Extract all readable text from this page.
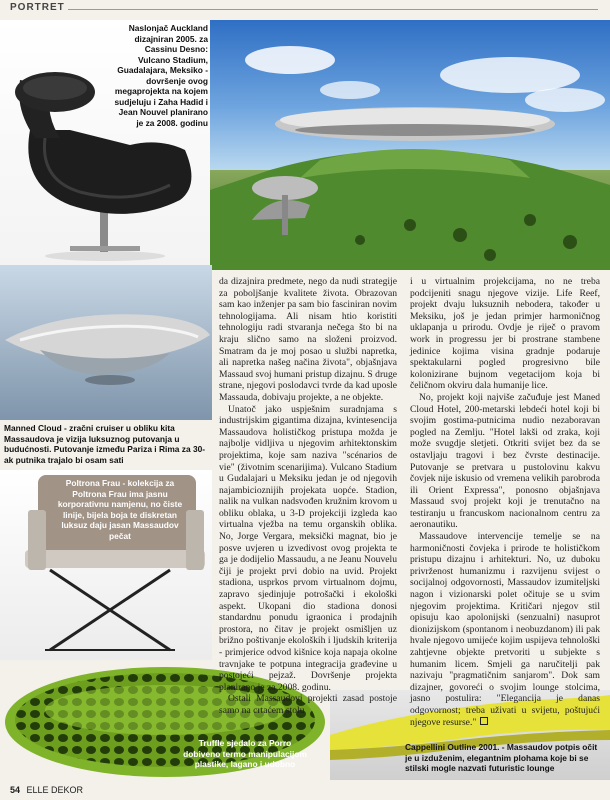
PORTRET
Naslonjač Auckland dizajniran 2005. za Cassinu Desno: Vulcano Stadium, Guadalajara, Meksiko - dovršenje ovog megaprojekta na kojem sudjeluju i Zaha Hadid i Jean Nouvel planirano je za 2008. godinu
Manned Cloud - zračni cruiser u obliku kita Massaudova je vizija luksuznog putovanja u budućnosti. Putovanje između Pariza i Rima za 30-ak putnika trajalo bi osam sati
Poltrona Frau - kolekcija za Poltrona Frau ima jasnu korporativnu namjenu, no čiste linije, bijela boja te diskretan luksuz daju jasan Massaudov pečat
Truffle sjedalo za Porro dobiveno termo manipulacijom plastike, lagano i udobno
Cappellini Outline 2001. - Massaudov potpis očit je u izduženim, elegantnim plohama koje bi se stilski mogle nazvati futuristic lounge

da dizajnira predmete, nego da nudi strategije za poboljšanje kvalitete života. Obrazovan sam kao inženjer pa sam bio fasciniran novim tehnologijama. Ali nisam htio koristiti tehnologiju radi stvaranja nečega što bi na kraju slično samo na složeni proizvod. Smatram da je moj posao u službi napretka, ali napretka našeg načina života", objašnjava Massaud svoj humani pristup dizajnu. S druge strane, njegovi poslodavci tvrde da kad uposle Massauda, dobivaju projekte, a ne objekte.

Unatoč jako uspješnim suradnjama s industrijskim gigantima dizajna, kvintesencija Massaudova holističkog pristupa možda je najbolje vidljiva u njegovim arhitektonskim projektima, koje sam naziva "scénarios de vie" (životnim scenarijima). Vulcano Stadium u Gudalajari u Meksiku jedan je od njegovih najambicioznijih projekata uopće. Stadion, nalik na vulkan nadsvođen kružnim krovom u obliku oblaka, u 3-D projekciji izgleda kao virtualna vježba na temu organskih oblika. No, Jorge Vergara, meksički magnat, bio je posve uvjeren u izvedivost ovog projekta te ga je dodijelio Massaudu, a ne Jeanu Nouvelu čiji je projekt prvi dobio na uvid. Projekt stadiona, usprkos prvom virtualnom dojmu, zapravo sjedinjuje potrošački i ekološki aspekt. Ukopani dio stadiona donosi standardnu ponudu igraonica i prodajnih prostora, no čitav je projekt osmišljen uz brižno poštivanje ekoloških i ljudskih kriterija - primjerice odvod kišnice koja napaja okolne travnjake te potpuna integracija građevine u postojeći pejzaž. Dovršenje projekta planirano je za 2008. godinu.

Ostali Massaudovi projekti zasad postoje samo na crtaćem stolu

i u virtualnim projekcijama, no ne treba podcijeniti snagu njegove vizije. Life Reef, projekt dvaju luksuznih nebodera, također u Meksiku, još je jedan primjer harmoničnog uklapanja u prirodu. Ovdje je riječ o pravom work in progressu jer bi prostrane stambene jedinice kojima visina gradnje podaruje spektakularni pogled progresivno bile kolonizirane bujnom vegetacijom koja bi čeličnom okviru dala humanije lice.

No, projekt koji najviše začuđuje jest Maned Cloud Hotel, 200-metarski lebdeći hotel koji bi svojim gostima-putnicima nudio nezaboravan pogled na Zemlju. "Hotel lakši od zraka, koji može svugdje sletjeti. Otkriti svijet bez da se ostavljaju tragovi i bez čvrste destinacije. Putovanje se pretvara u pustolovinu kakvu čovjek nije iskusio od vremena velikih parobroda ili Orient Expressa", ponosno objašnjava Massaud svoj projekt koji je trenutačno na testiranju u francuskom nacionalnom centru za aeronautiku.

Massaudove intervencije temelje se na harmoničnosti čovjeka i prirode te holističkom pristupu dizajnu i arhitekturi. No, uz duboku privrženost humanizmu i razvijenu svijest o socijalnoj odgovornosti, Massaudov izumiteljski nagon i vizionarski polet očituje se u svim njegovim projektima. Kritičari njegov stil opisuju kao apolonijski (senzualni) nasuprot dionizijskom (spontanom i neobuzdanom) ili pak hvale njegovo umijeće kojim uspijeva tehnološki zahtjevne objekte pretvoriti u subjekte s humanim licem. Smjeli ga naručitelji pak nazivaju "pragmatičnim sanjarom". Dok sam dizajner, govoreći o svojim lounge stolcima, jasno postulira: "Elegancija je danas odgovornost; treba uživati u svijetu, poštujući njegove resurse."

54 ELLE DEKOR
